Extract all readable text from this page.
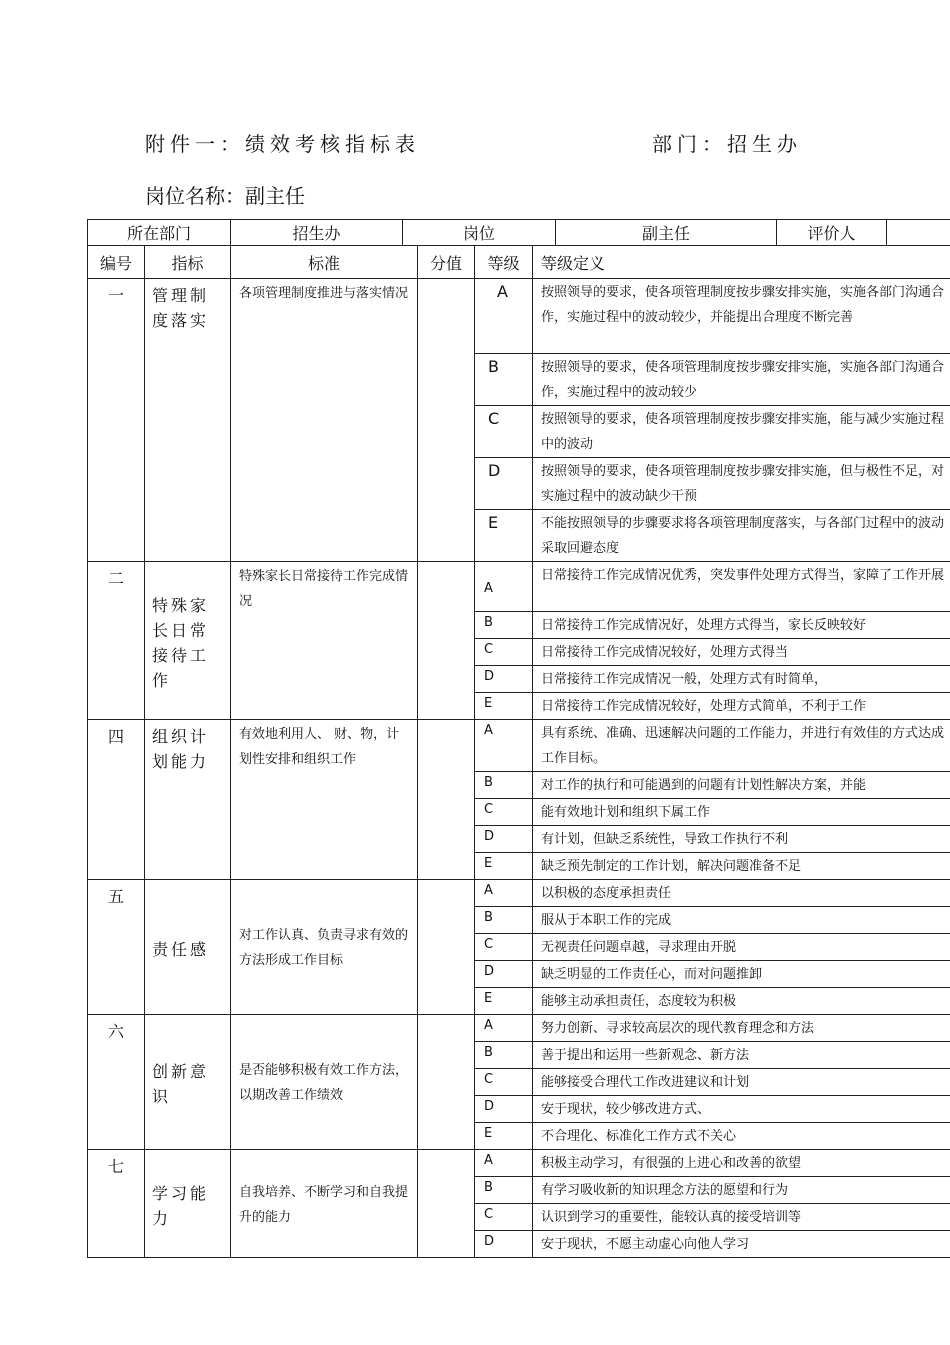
附件一：绩效考核指标表	部门：招生办
岗位名称：副主任
所在部门	招生办	岗位	副主任	评价人	
编号	指标	标准	分值	等级	等级定义
一	管理制度落实	各项管理制度推进与落实情况		A	按照领导的要求，使各项管理制度按步骤安排实施，实施各部门沟通合作，实施过程中的波动较少，并能提出合理度不断完善
				B	按照领导的要求，使各项管理制度按步骤安排实施，实施各部门沟通合作，实施过程中的波动较少
				C	按照领导的要求，使各项管理制度按步骤安排实施，能与减少实施过程中的波动
				D	按照领导的要求，使各项管理制度按步骤安排实施，但与极性不足，对实施过程中的波动缺少干预
				E	不能按照领导的步骤要求将各项管理制度落实，与各部门过程中的波动采取回避态度
二	特殊家长日常接待工作	特殊家长日常接待工作完成情况		A	日常接待工作完成情况优秀，突发事件处理方式得当，家障了工作开展
				B	日常接待工作完成情况好，处理方式得当，家长反映较好
				C	日常接待工作完成情况较好，处理方式得当
				D	日常接待工作完成情况一般，处理方式有时简单，
				E	日常接待工作完成情况较好，处理方式简单，不利于工作
四	组织计划能力	有效地利用人、 财、物，计划性安排和组织工作		A	具有系统、准确、迅速解决问题的工作能力，并进行有效佳的方式达成工作目标。
				B	对工作的执行和可能遇到的问题有计划性解决方案，并能
				C	能有效地计划和组织下属工作
				D	有计划，但缺乏系统性，导致工作执行不利
				E	缺乏预先制定的工作计划，解决问题准备不足
五	责任感	对工作认真、负责寻求有效的方法形成工作目标		A	以积极的态度承担责任
				B	服从于本职工作的完成
				C	无视责任问题卓越，寻求理由开脱
				D	缺乏明显的工作责任心，而对问题推卸
				E	能够主动承担责任，态度较为积极
六	创新意识	是否能够积极有效工作方法，以期改善工作绩效		A	努力创新、寻求较高层次的现代教育理念和方法
				B	善于提出和运用一些新观念、新方法
				C	能够接受合理代工作改进建议和计划
				D	安于现状，较少够改进方式、
				E	不合理化、标准化工作方式不关心
七	学习能力	自我培养、不断学习和自我提升的能力		A	积极主动学习，有很强的上进心和改善的欲望
				B	有学习吸收新的知识理念方法的愿望和行为
				C	认识到学习的重要性，能较认真的接受培训等
				D	安于现状，不愿主动虚心向他人学习
